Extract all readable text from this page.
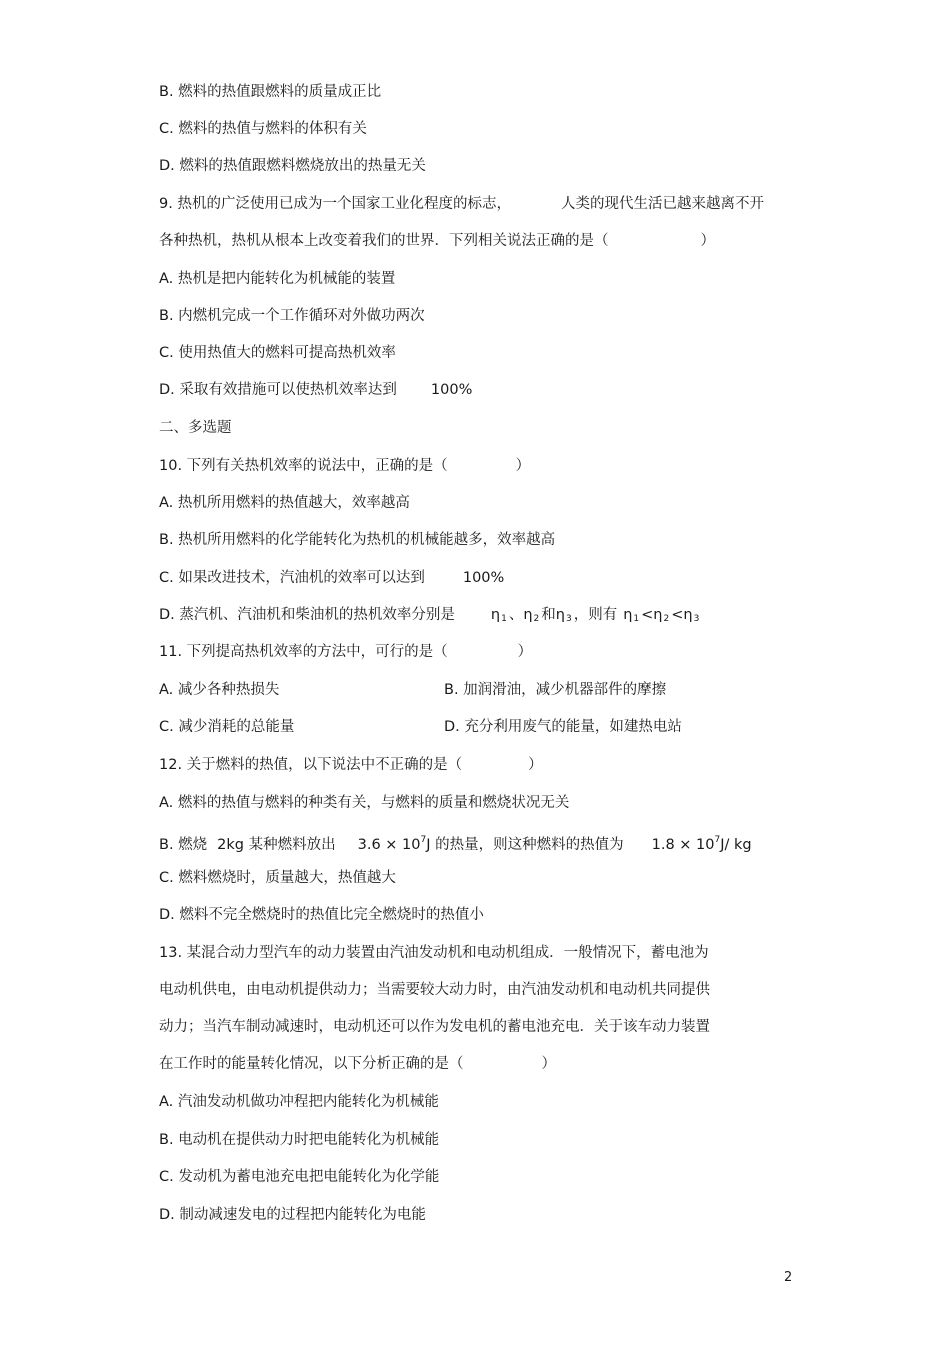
B. 燃料的热值跟燃料的质量成正比
C. 燃料的热值与燃料的体积有关
D. 燃料的热值跟燃料燃烧放出的热量无关
9. 热机的广泛使用已成为一个国家工业化程度的标志，	人类的现代生活已越来越离不开
各种热机，热机从根本上改变着我们的世界．下列相关说法正确的是（	）
A. 热机是把内能转化为机械能的装置
B. 内燃机完成一个工作循环对外做功两次
C. 使用热值大的燃料可提高热机效率
D. 采取有效措施可以使热机效率达到 100%
二、多选题
10. 下列有关热机效率的说法中，正确的是（	）
A. 热机所用燃料的热值越大，效率越高
B. 热机所用燃料的化学能转化为热机的机械能越多，效率越高
C. 如果改进技术，汽油机的效率可以达到	100%
D. 蒸汽机、汽油机和柴油机的热机效率分别是 $\eta_1$ 、$\eta_2$ 和$\eta_3$ ，则有 $\eta_1 <\eta_2 <\eta_3$
11. 下列提高热机效率的方法中，可行的是（	）
A. 减少各种热损失	B. 加润滑油，减少机器部件的摩擦
C. 减少消耗的总能量	D. 充分利用废气的能量，如建热电站
12. 关于燃料的热值，以下说法中不正确的是（	）
A. 燃料的热值与燃料的种类有关，与燃料的质量和燃烧状况无关
B. 燃烧 2kg 某种燃料放出 $3.6 \times 10^7J$ 的热量，则这种燃料的热值为 $1.8 \times 10^7J/$ kg
C. 燃料燃烧时，质量越大，热值越大
D. 燃料不完全燃烧时的热值比完全燃烧时的热值小
13. 某混合动力型汽车的动力装置由汽油发动机和电动机组成．一般情况下，蓄电池为
电动机供电，由电动机提供动力；当需要较大动力时，由汽油发动机和电动机共同提供
动力；当汽车制动减速时，电动机还可以作为发电机的蓄电池充电．关于该车动力装置
在工作时的能量转化情况，以下分析正确的是（	）
A. 汽油发动机做功冲程把内能转化为机械能
B. 电动机在提供动力时把电能转化为机械能
C. 发动机为蓄电池充电把电能转化为化学能
D. 制动减速发电的过程把内能转化为电能
2
